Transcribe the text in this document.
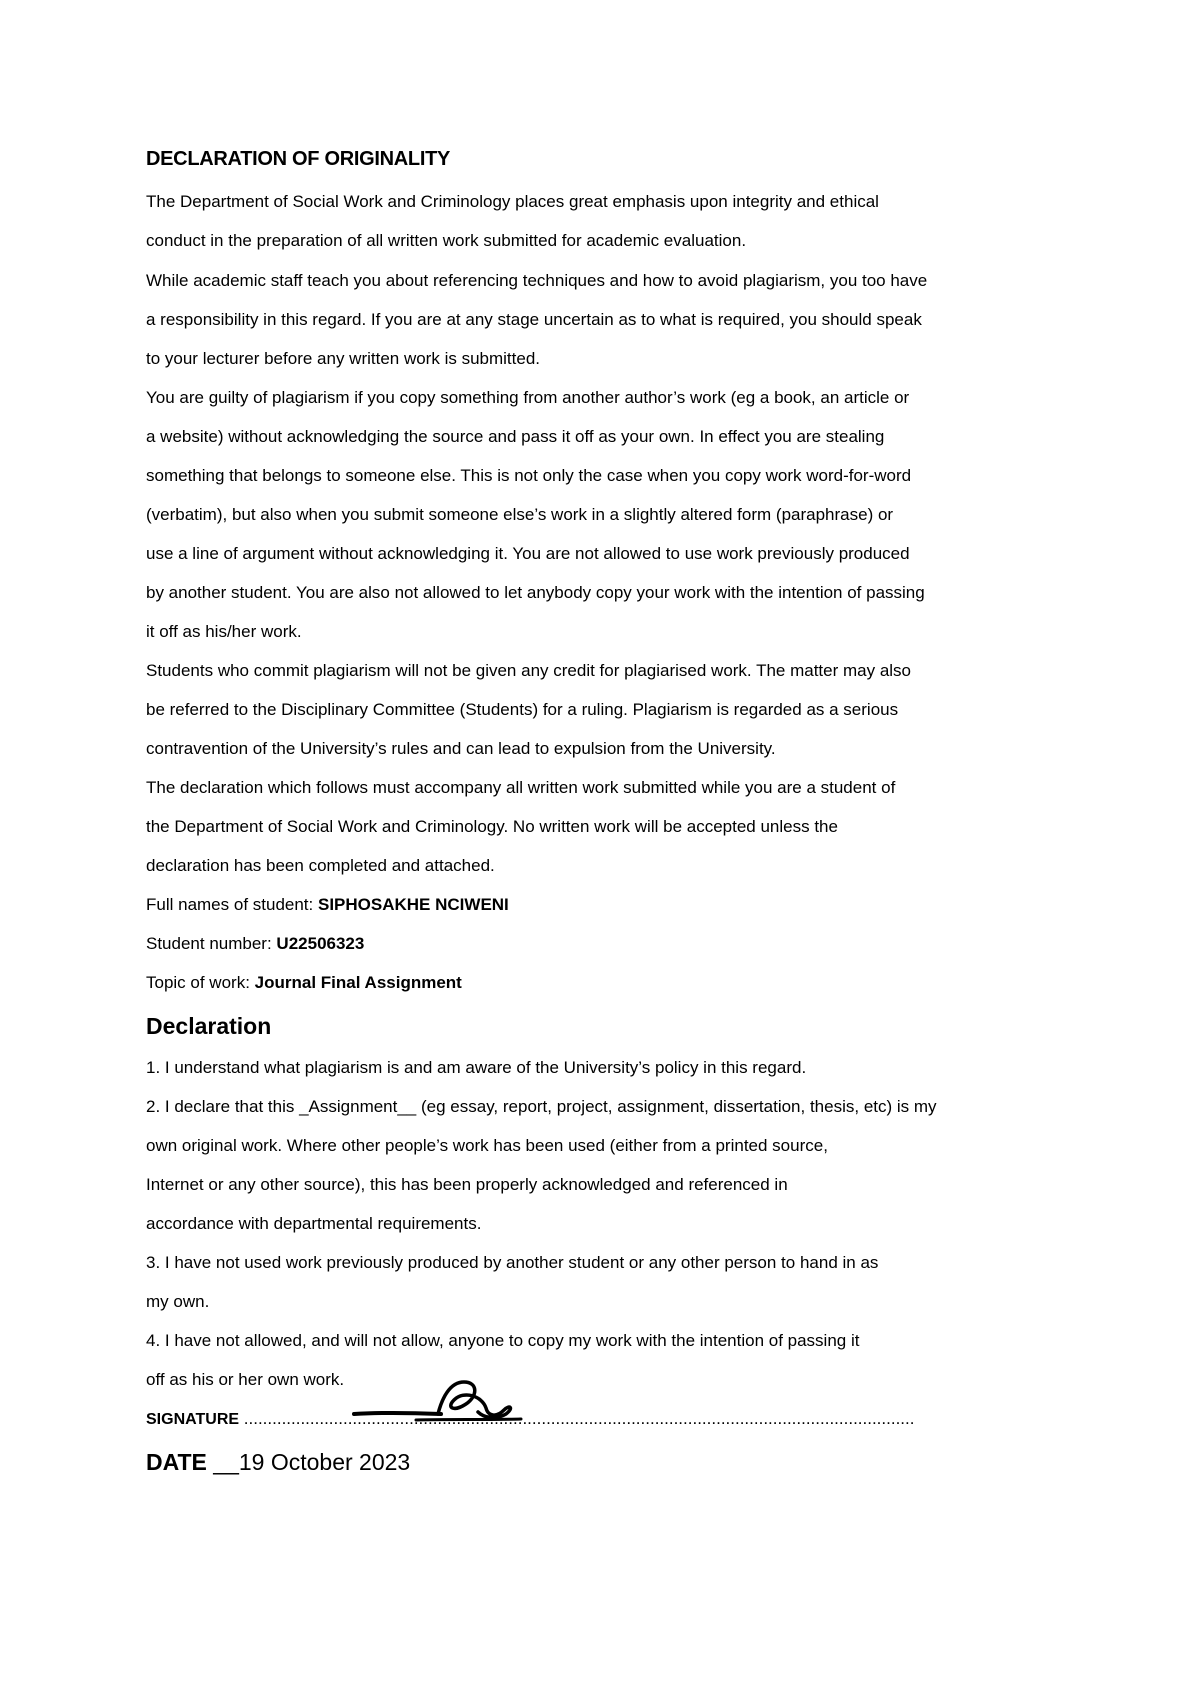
DECLARATION OF ORIGINALITY
The Department of Social Work and Criminology places great emphasis upon integrity and ethical
conduct in the preparation of all written work submitted for academic evaluation.
While academic staff teach you about referencing techniques and how to avoid plagiarism, you too have
a responsibility in this regard. If you are at any stage uncertain as to what is required, you should speak
to your lecturer before any written work is submitted.
You are guilty of plagiarism if you copy something from another author’s work (eg a book, an article or
a website) without acknowledging the source and pass it off as your own. In effect you are stealing
something that belongs to someone else. This is not only the case when you copy work word-for-word
(verbatim), but also when you submit someone else’s work in a slightly altered form (paraphrase) or
use a line of argument without acknowledging it. You are not allowed to use work previously produced
by another student. You are also not allowed to let anybody copy your work with the intention of passing
it off as his/her work.
Students who commit plagiarism will not be given any credit for plagiarised work. The matter may also
be referred to the Disciplinary Committee (Students) for a ruling. Plagiarism is regarded as a serious
contravention of the University’s rules and can lead to expulsion from the University.
The declaration which follows must accompany all written work submitted while you are a student of
the Department of Social Work and Criminology. No written work will be accepted unless the
declaration has been completed and attached.
Full names of student: SIPHOSAKHE NCIWENI
Student number: U22506323
Topic of work: Journal Final Assignment
Declaration
1. I understand what plagiarism is and am aware of the University’s policy in this regard.
2. I declare that this _Assignment__ (eg essay, report, project, assignment, dissertation, thesis, etc) is my
own original work. Where other people’s work has been used (either from a printed source,
Internet or any other source), this has been properly acknowledged and referenced in
accordance with departmental requirements.
3. I have not used work previously produced by another student or any other person to hand in as
my own.
4. I have not allowed, and will not allow, anyone to copy my work with the intention of passing it
off as his or her own work.
SIGNATURE ..............................................................................................................................................
DATE __19 October 2023
